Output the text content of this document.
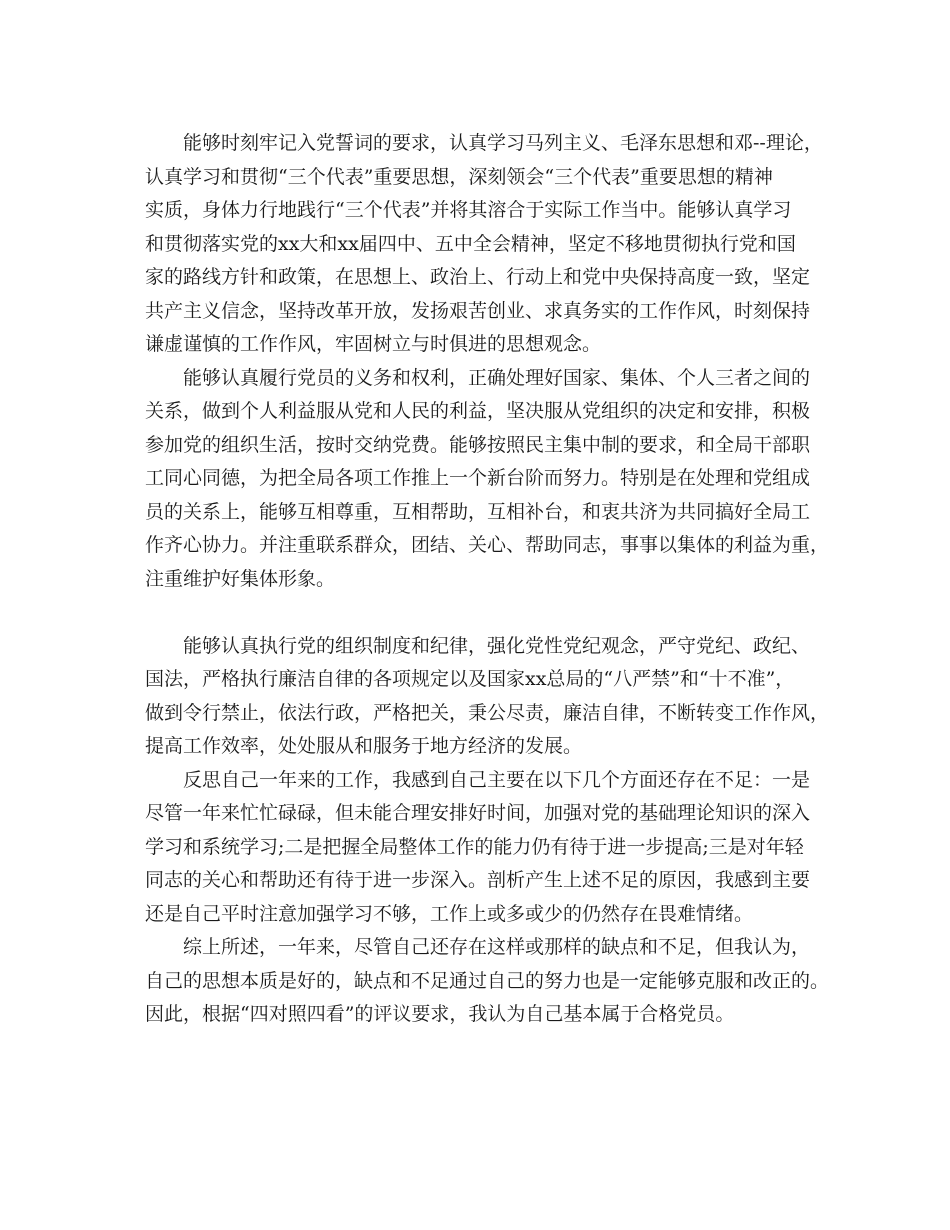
能够时刻牢记入党誓词的要求，认真学习马列主义、毛泽东思想和邓--理论，
认真学习和贯彻“三个代表”重要思想，深刻领会“三个代表”重要思想的精神
实质，身体力行地践行“三个代表”并将其溶合于实际工作当中。能够认真学习
和贯彻落实党的xx大和xx届四中、五中全会精神，坚定不移地贯彻执行党和国
家的路线方针和政策，在思想上、政治上、行动上和党中央保持高度一致，坚定
共产主义信念，坚持改革开放，发扬艰苦创业、求真务实的工作作风，时刻保持
谦虚谨慎的工作作风，牢固树立与时俱进的思想观念。
能够认真履行党员的义务和权利，正确处理好国家、集体、个人三者之间的
关系，做到个人利益服从党和人民的利益，坚决服从党组织的决定和安排，积极
参加党的组织生活，按时交纳党费。能够按照民主集中制的要求，和全局干部职
工同心同德，为把全局各项工作推上一个新台阶而努力。特别是在处理和党组成
员的关系上，能够互相尊重，互相帮助，互相补台，和衷共济为共同搞好全局工
作齐心协力。并注重联系群众，团结、关心、帮助同志，事事以集体的利益为重，
注重维护好集体形象。
能够认真执行党的组织制度和纪律，强化党性党纪观念，严守党纪、政纪、
国法，严格执行廉洁自律的各项规定以及国家xx总局的“八严禁”和“十不准”，
做到令行禁止，依法行政，严格把关，秉公尽责，廉洁自律，不断转变工作作风，
提高工作效率，处处服从和服务于地方经济的发展。
反思自己一年来的工作，我感到自己主要在以下几个方面还存在不足：一是
尽管一年来忙忙碌碌，但未能合理安排好时间，加强对党的基础理论知识的深入
学习和系统学习;二是把握全局整体工作的能力仍有待于进一步提高;三是对年轻
同志的关心和帮助还有待于进一步深入。剖析产生上述不足的原因，我感到主要
还是自己平时注意加强学习不够，工作上或多或少的仍然存在畏难情绪。
综上所述，一年来，尽管自己还存在这样或那样的缺点和不足，但我认为，
自己的思想本质是好的，缺点和不足通过自己的努力也是一定能够克服和改正的。
因此，根据“四对照四看”的评议要求，我认为自己基本属于合格党员。
